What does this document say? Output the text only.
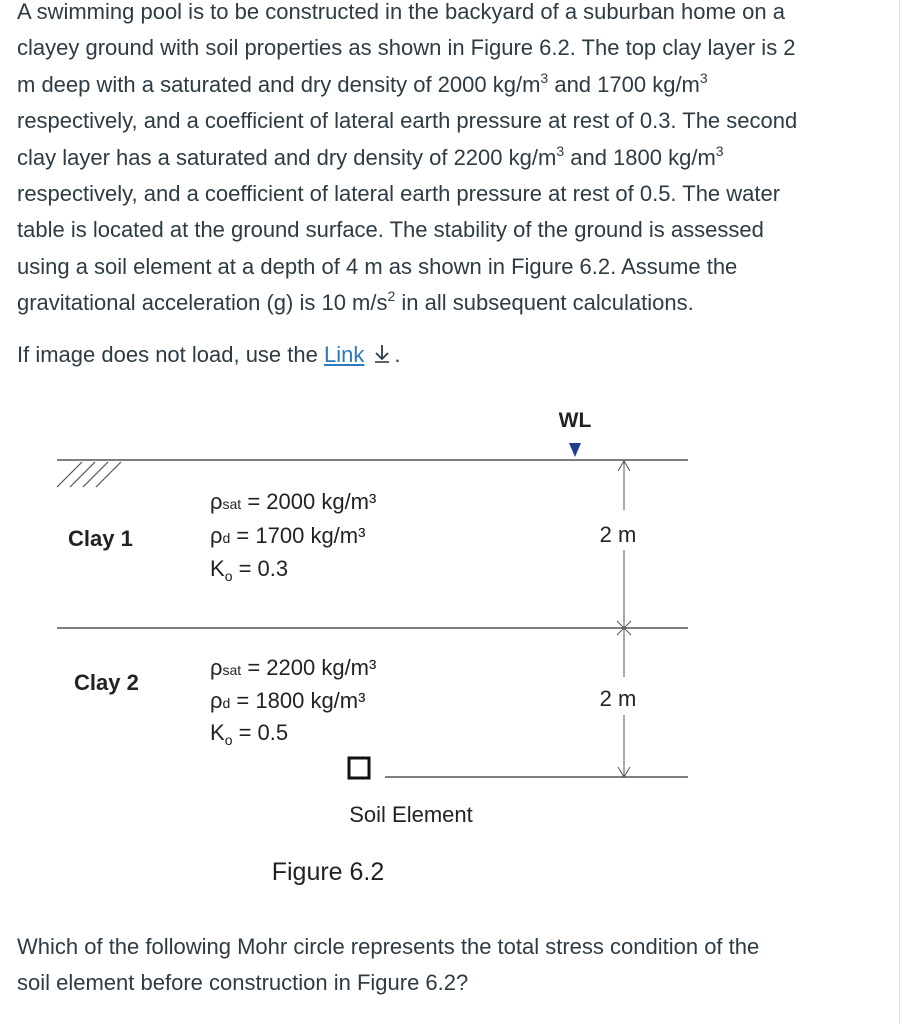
A swimming pool is to be constructed in the backyard of a suburban home on a
clayey ground with soil properties as shown in Figure 6.2. The top clay layer is 2
m deep with a saturated and dry density of 2000 $kg/m^3$ and 1700 $kg/m^3$
respectively, and a coefficient of lateral earth pressure at rest of 0.3. The second
clay layer has a saturated and dry density of 2200 $kg/m^3$ and 1800 $kg/m^3$
respectively, and a coefficient of lateral earth pressure at rest of 0.5. The water
table is located at the ground surface. The stability of the ground is assessed
using a soil element at a depth of 4 m as shown in Figure 6.2. Assume the
gravitational acceleration (g) is 10 $m/s^2$ in all subsequent calculations.

If image does not load, use the Link .
WL
2 m
2 m
Clay 1
ρsat = 2000 kg/m³
ρd = 1700 kg/m³
$K_o = 0.3$
Clay 2
ρsat = 2200 kg/m³
ρd = 1800 kg/m³
$K_o = 0.5$
Soil Element
Figure 6.2

Which of the following Mohr circle represents the total stress condition of the
soil element before construction in Figure 6.2?
